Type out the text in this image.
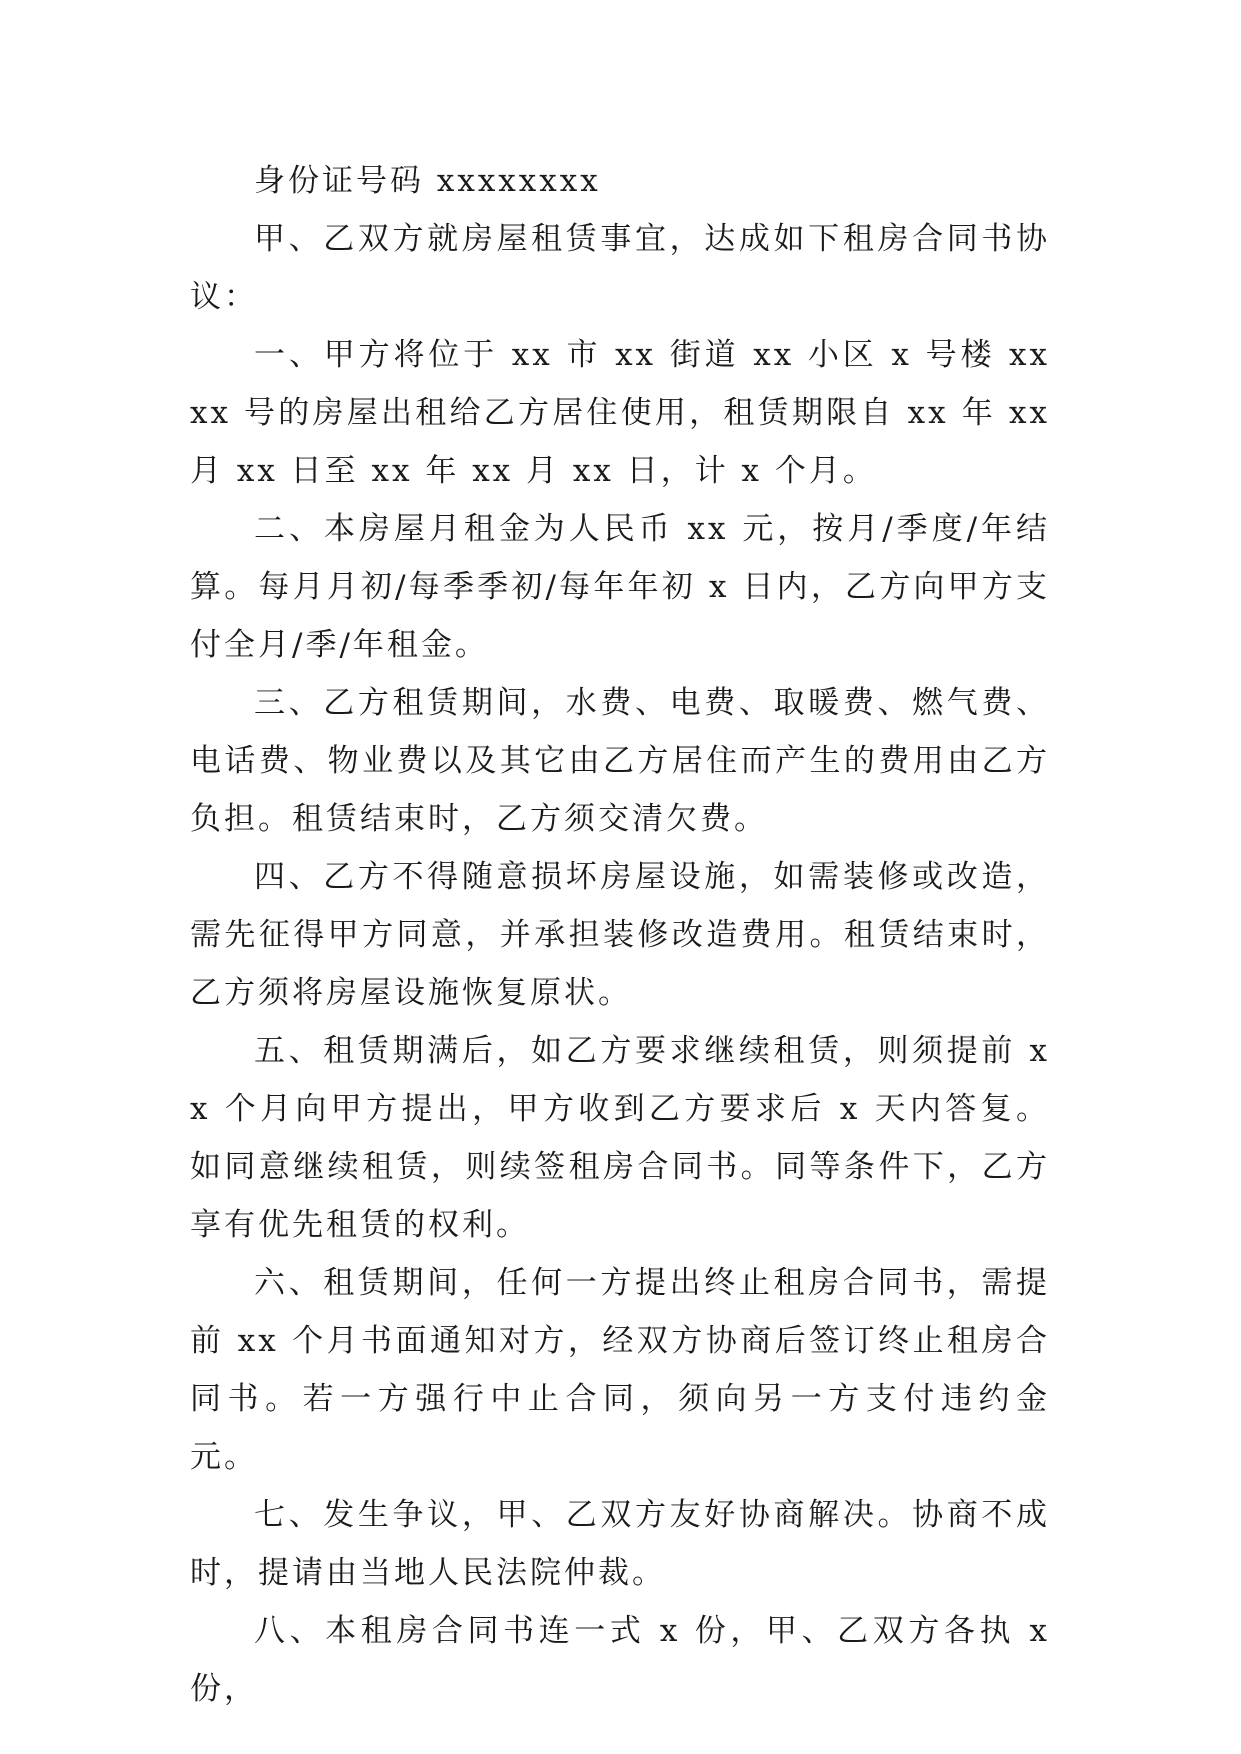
身份证号码 xxxxxxxx

甲、乙双方就房屋租赁事宜，达成如下租房合同书协议：

一、甲方将位于 xx 市 xx 街道 xx 小区 x 号楼 xxxx 号的房屋出租给乙方居住使用，租赁期限自 xx 年 xx 月 xx 日至 xx 年 xx 月 xx 日，计 x 个月。

二、本房屋月租金为人民币 xx 元，按月/季度/年结算。每月月初/每季季初/每年年初 x 日内，乙方向甲方支付全月/季/年租金。

三、乙方租赁期间，水费、电费、取暖费、燃气费、电话费、物业费以及其它由乙方居住而产生的费用由乙方负担。租赁结束时，乙方须交清欠费。

四、乙方不得随意损坏房屋设施，如需装修或改造，需先征得甲方同意，并承担装修改造费用。租赁结束时，乙方须将房屋设施恢复原状。

五、租赁期满后，如乙方要求继续租赁，则须提前 xx 个月向甲方提出，甲方收到乙方要求后 x 天内答复。如同意继续租赁，则续签租房合同书。同等条件下，乙方享有优先租赁的权利。

六、租赁期间，任何一方提出终止租房合同书，需提前 xx 个月书面通知对方，经双方协商后签订终止租房合同书。若一方强行中止合同，须向另一方支付违约金 元。

七、发生争议，甲、乙双方友好协商解决。协商不成时，提请由当地人民法院仲裁。

八、本租房合同书连一式 x 份，甲、乙双方各执 x 份，
